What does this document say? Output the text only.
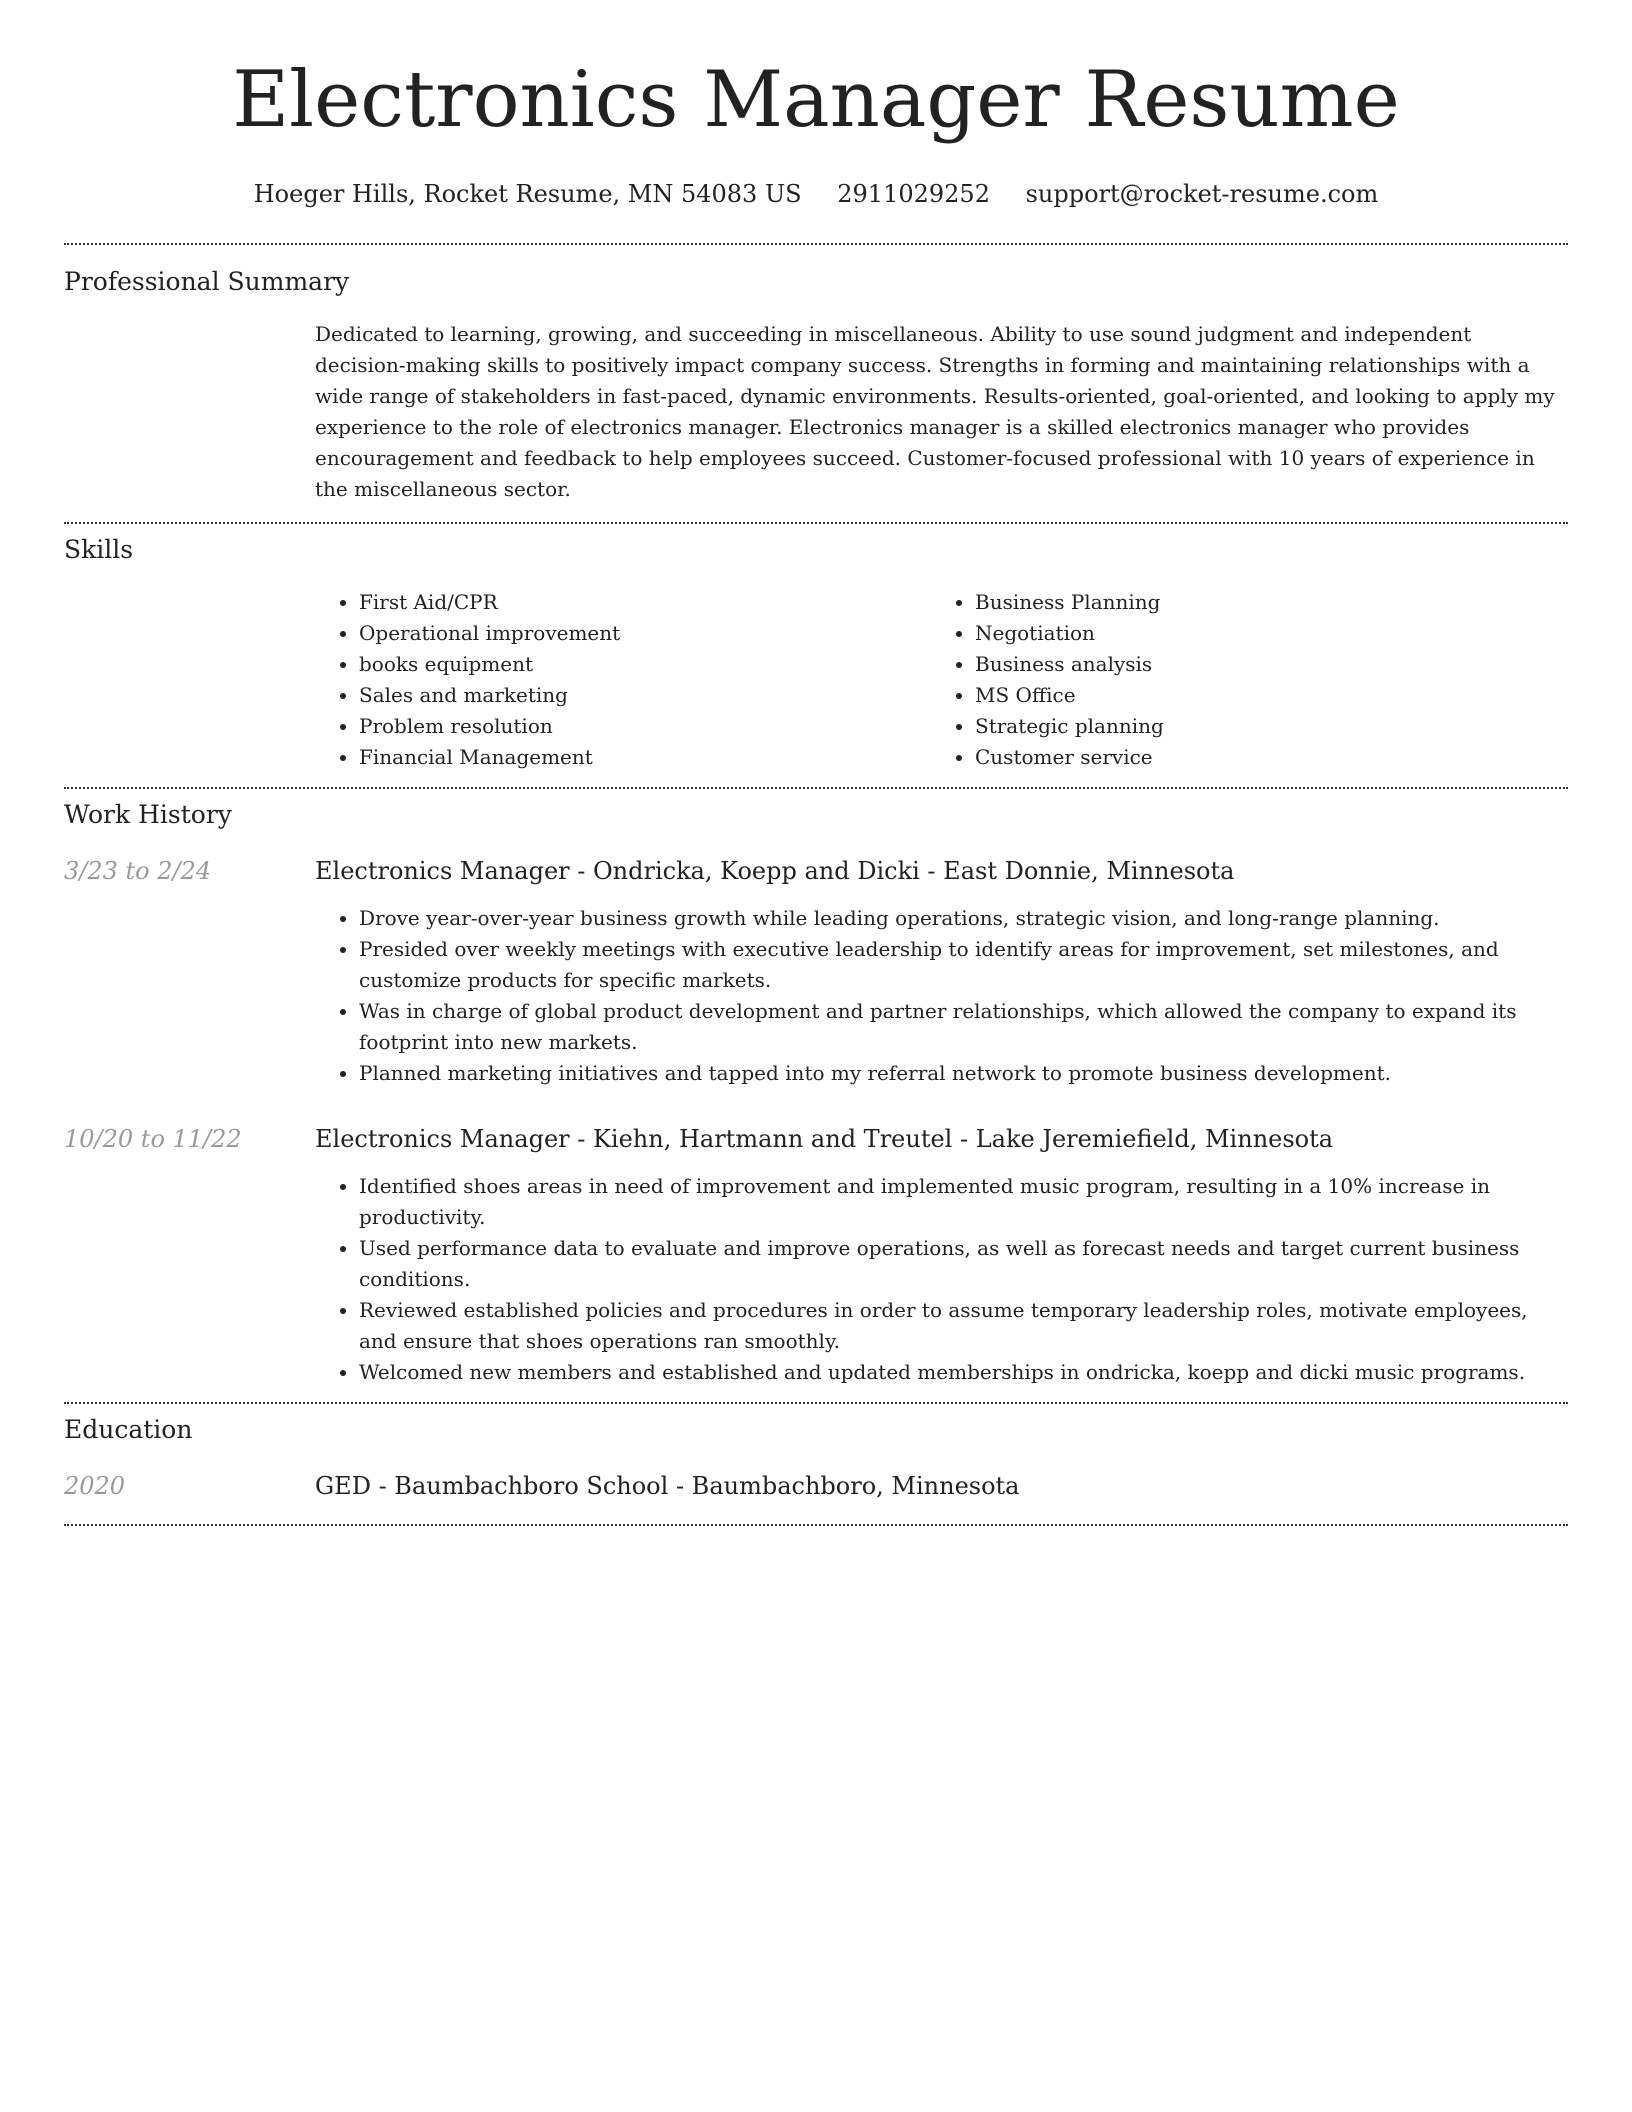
Electronics Manager Resume
Hoeger Hills, Rocket Resume, MN 54083 US 2911029252 support@rocket-resume.com
Professional Summary

Dedicated to learning, growing, and succeeding in miscellaneous. Ability to use sound judgment and independent decision-making skills to positively impact company success. Strengths in forming and maintaining relationships with a wide range of stakeholders in fast-paced, dynamic environments. Results-oriented, goal-oriented, and looking to apply my experience to the role of electronics manager. Electronics manager is a skilled electronics manager who provides encouragement and feedback to help employees succeed. Customer-focused professional with 10 years of experience in the miscellaneous sector.

Skills
• First Aid/CPR
• Operational improvement
• books equipment
• Sales and marketing
• Problem resolution
• Financial Management
• Business Planning
• Negotiation
• Business analysis
• MS Office
• Strategic planning
• Customer service
Work History
3/23 to 2/24	Electronics Manager - Ondricka, Koepp and Dicki - East Donnie, Minnesota
• Drove year-over-year business growth while leading operations, strategic vision, and long-range planning.
• Presided over weekly meetings with executive leadership to identify areas for improvement, set milestones, and customize products for specific markets.
• Was in charge of global product development and partner relationships, which allowed the company to expand its footprint into new markets.
• Planned marketing initiatives and tapped into my referral network to promote business development.
10/20 to 11/22	Electronics Manager - Kiehn, Hartmann and Treutel - Lake Jeremiefield, Minnesota
• Identified shoes areas in need of improvement and implemented music program, resulting in a 10% increase in productivity.
• Used performance data to evaluate and improve operations, as well as forecast needs and target current business conditions.
• Reviewed established policies and procedures in order to assume temporary leadership roles, motivate employees, and ensure that shoes operations ran smoothly.
• Welcomed new members and established and updated memberships in ondricka, koepp and dicki music programs.
Education
2020	GED - Baumbachboro School - Baumbachboro, Minnesota
